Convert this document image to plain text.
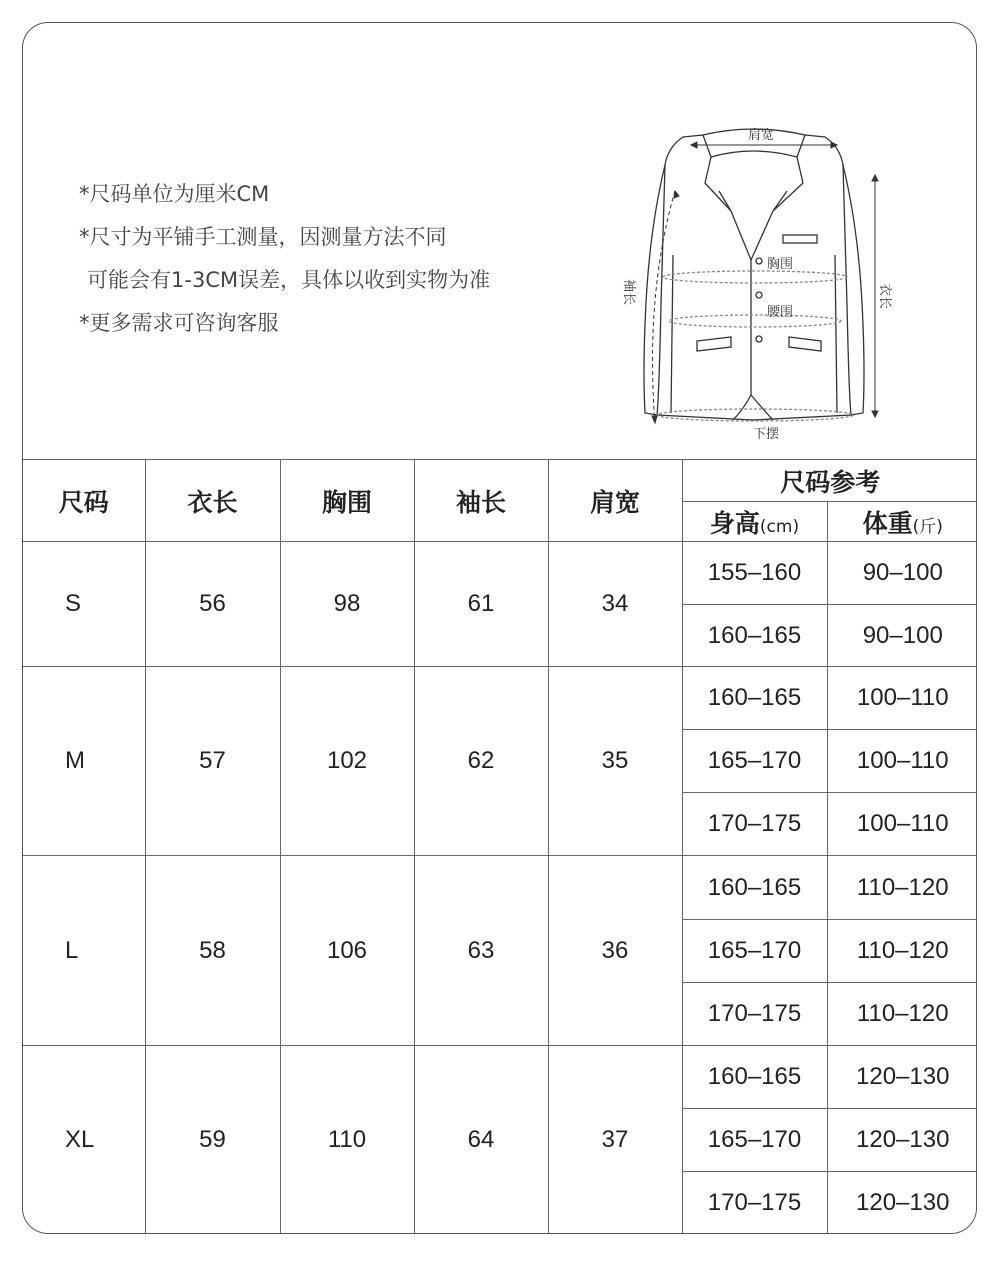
*尺码单位为厘米CM
*尺寸为平铺手工测量，因测量方法不同
可能会有1-3CM误差，具体以收到实物为准
*更多需求可咨询客服
肩宽
胸围
腰围
下摆
衣长
袖长
尺码	衣长	胸围	袖长	肩宽	尺码参考	
					身高(cm)	体重(斤)
S	56	98	61	34	155–160	90–100
					160–165	90–100
M	57	102	62	35	160–165	100–110
					165–170	100–110
					170–175	100–110
L	58	106	63	36	160–165	110–120
					165–170	110–120
					170–175	110–120
XL	59	110	64	37	160–165	120–130
					165–170	120–130
					170–175	120–130
